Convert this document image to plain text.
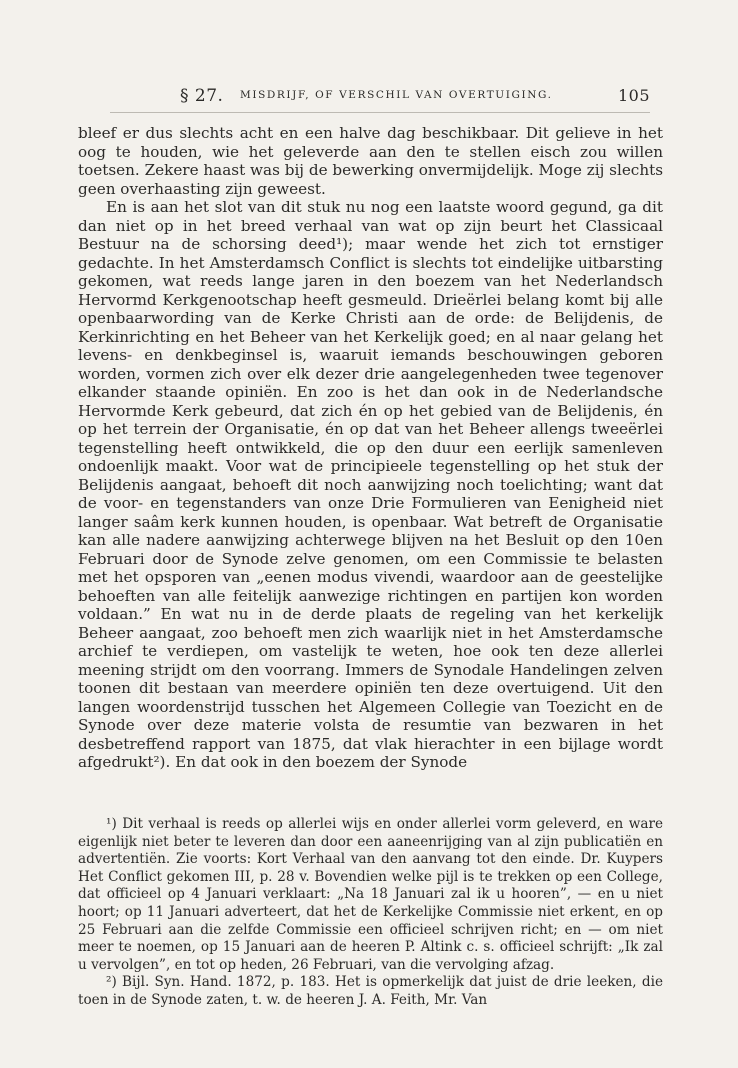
§ 27. MISDRIJF, OF VERSCHIL VAN OVERTUIGING.	105

bleef er dus slechts acht en een halve dag beschikbaar. Dit gelieve in het oog te houden, wie het geleverde aan den te stellen eisch zou willen toetsen. Zekere haast was bij de bewerking onvermijdelijk. Moge zij slechts geen overhaasting zijn geweest.

En is aan het slot van dit stuk nu nog een laatste woord gegund, ga dit dan niet op in het breed verhaal van wat op zijn beurt het Classicaal Bestuur na de schorsing deed¹); maar wende het zich tot ernstiger gedachte. In het Amsterdamsch Conflict is slechts tot eindelijke uitbarsting gekomen, wat reeds lange jaren in den boezem van het Nederlandsch Hervormd Kerkgenootschap heeft gesmeuld. Drieërlei belang komt bij alle openbaarwording van de Kerke Christi aan de orde: de Belijdenis, de Kerkinrichting en het Beheer van het Kerkelijk goed; en al naar gelang het levens- en denkbeginsel is, waaruit iemands beschouwingen geboren worden, vormen zich over elk dezer drie aangelegenheden twee tegenover elkander staande opiniën. En zoo is het dan ook in de Nederlandsche Hervormde Kerk gebeurd, dat zich én op het gebied van de Belijdenis, én op het terrein der Organisatie, én op dat van het Beheer allengs tweeërlei tegenstelling heeft ontwikkeld, die op den duur een eerlijk samenleven ondoenlijk maakt. Voor wat de principieele tegenstelling op het stuk der Belijdenis aangaat, behoeft dit noch aanwijzing noch toelichting; want dat de voor- en tegenstanders van onze Drie Formulieren van Eenigheid niet langer saâm kerk kunnen houden, is openbaar. Wat betreft de Organisatie kan alle nadere aanwijzing achterwege blijven na het Besluit op den 10en Februari door de Synode zelve genomen, om een Commissie te belasten met het opsporen van „eenen modus vivendi, waardoor aan de geestelijke behoeften van alle feitelijk aanwezige richtingen en partijen kon worden voldaan.” En wat nu in de derde plaats de regeling van het kerkelijk Beheer aangaat, zoo behoeft men zich waarlijk niet in het Amsterdamsche archief te verdiepen, om vastelijk te weten, hoe ook ten deze allerlei meening strijdt om den voorrang. Immers de Synodale Handelingen zelven toonen dit bestaan van meerdere opiniën ten deze overtuigend. Uit den langen woordenstrijd tusschen het Algemeen Collegie van Toezicht en de Synode over deze materie volsta de resumtie van bezwaren in het desbetreffend rapport van 1875, dat vlak hierachter in een bijlage wordt afgedrukt²). En dat ook in den boezem der Synode

¹) Dit verhaal is reeds op allerlei wijs en onder allerlei vorm geleverd, en ware eigenlijk niet beter te leveren dan door een aaneenrijging van al zijn publicatiën en advertentiën. Zie voorts: Kort Verhaal van den aanvang tot den einde. Dr. Kuypers Het Conflict gekomen III, p. 28 v. Bovendien welke pijl is te trekken op een College, dat officieel op 4 Januari verklaart: „Na 18 Januari zal ik u hooren”, — en u niet hoort; op 11 Januari adverteert, dat het de Kerkelijke Commissie niet erkent, en op 25 Februari aan die zelfde Commissie een officieel schrijven richt; en — om niet meer te noemen, op 15 Januari aan de heeren P. Altink c. s. officieel schrijft: „Ik zal u vervolgen”, en tot op heden, 26 Februari, van die vervolging afzag.

²) Bijl. Syn. Hand. 1872, p. 183. Het is opmerkelijk dat juist de drie leeken, die toen in de Synode zaten, t. w. de heeren J. A. Feith, Mr. Van
